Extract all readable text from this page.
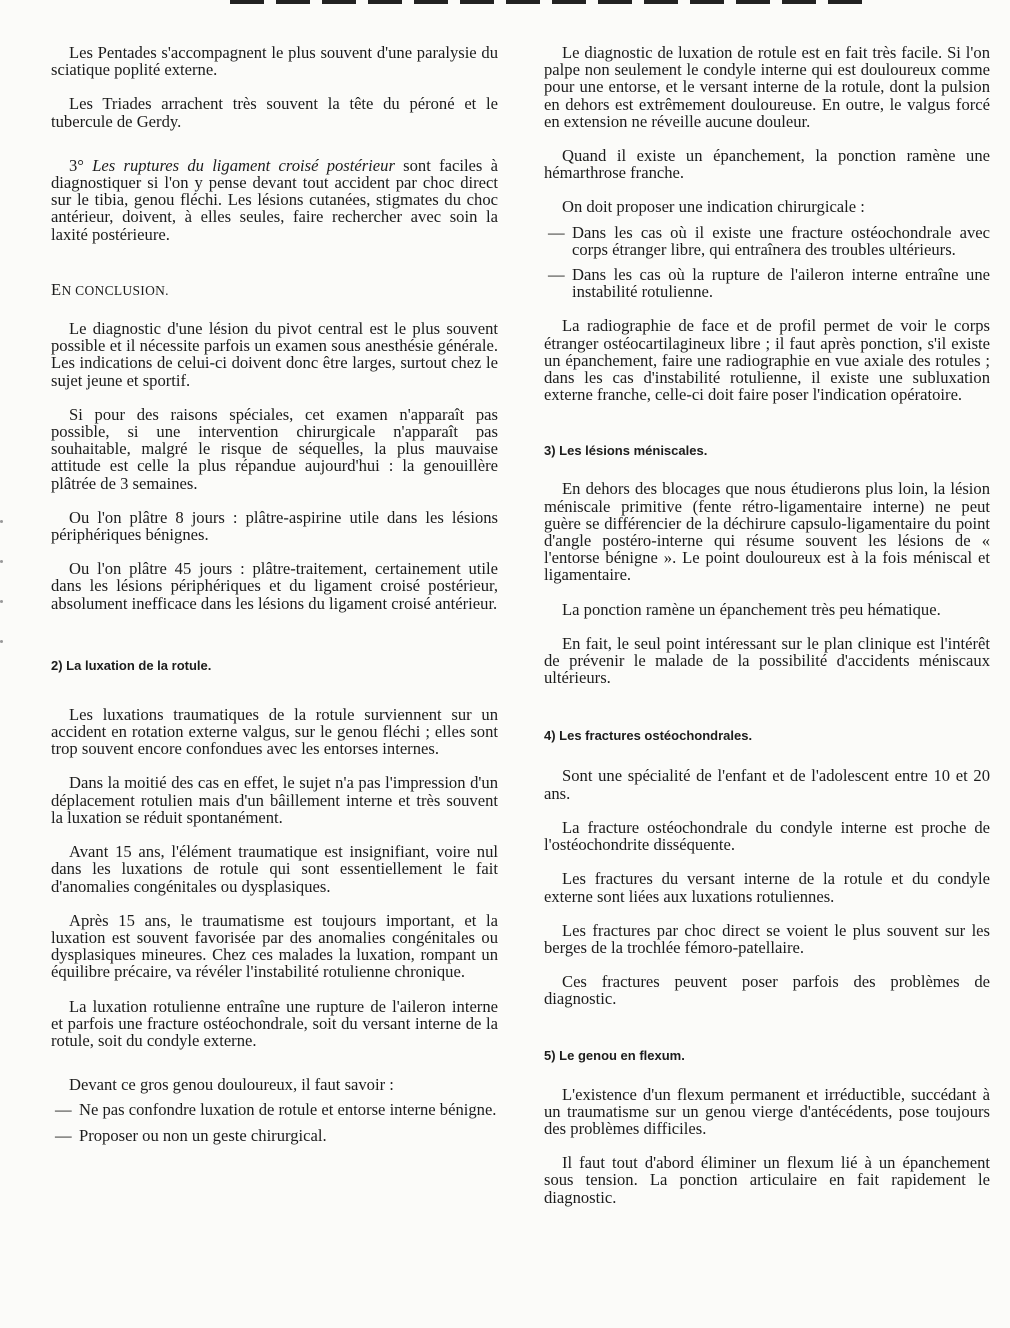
Les Pentades s'accompagnent le plus souvent d'une paralysie du sciatique poplité externe.

Les Triades arrachent très souvent la tête du péroné et le tubercule de Gerdy.

3° Les ruptures du ligament croisé postérieur sont faciles à diagnostiquer si l'on y pense devant tout accident par choc direct sur le tibia, genou fléchi. Les lésions cutanées, stigmates du choc antérieur, doivent, à elles seules, faire rechercher avec soin la laxité postérieure.

EN CONCLUSION.

Le diagnostic d'une lésion du pivot central est le plus souvent possible et il nécessite parfois un examen sous anesthésie générale. Les indications de celui-ci doivent donc être larges, surtout chez le sujet jeune et sportif.

Si pour des raisons spéciales, cet examen n'apparaît pas possible, si une intervention chirurgicale n'apparaît pas souhaitable, malgré le risque de séquelles, la plus mauvaise attitude est celle la plus répandue aujourd'hui : la genouillère plâtrée de 3 semaines.

Ou l'on plâtre 8 jours : plâtre-aspirine utile dans les lésions périphériques bénignes.

Ou l'on plâtre 45 jours : plâtre-traitement, certainement utile dans les lésions périphériques et du ligament croisé postérieur, absolument inefficace dans les lésions du ligament croisé antérieur.

2) La luxation de la rotule.

Les luxations traumatiques de la rotule surviennent sur un accident en rotation externe valgus, sur le genou fléchi ; elles sont trop souvent encore confondues avec les entorses internes.

Dans la moitié des cas en effet, le sujet n'a pas l'impression d'un déplacement rotulien mais d'un bâillement interne et très souvent la luxation se réduit spontanément.

Avant 15 ans, l'élément traumatique est insignifiant, voire nul dans les luxations de rotule qui sont essentiellement le fait d'anomalies congénitales ou dysplasiques.

Après 15 ans, le traumatisme est toujours important, et la luxation est souvent favorisée par des anomalies congénitales ou dysplasiques mineures. Chez ces malades la luxation, rompant un équilibre précaire, va révéler l'instabilité rotulienne chronique.

La luxation rotulienne entraîne une rupture de l'aileron interne et parfois une fracture ostéochondrale, soit du versant interne de la rotule, soit du condyle externe.

Devant ce gros genou douloureux, il faut savoir :

— Ne pas confondre luxation de rotule et entorse interne bénigne.

— Proposer ou non un geste chirurgical.

Le diagnostic de luxation de rotule est en fait très facile. Si l'on palpe non seulement le condyle interne qui est douloureux comme pour une entorse, et le versant interne de la rotule, dont la pulsion en dehors est extrêmement douloureuse. En outre, le valgus forcé en extension ne réveille aucune douleur.

Quand il existe un épanchement, la ponction ramène une hémarthrose franche.

On doit proposer une indication chirurgicale :

— Dans les cas où il existe une fracture ostéochondrale avec corps étranger libre, qui entraînera des troubles ultérieurs.

— Dans les cas où la rupture de l'aileron interne entraîne une instabilité rotulienne.

La radiographie de face et de profil permet de voir le corps étranger ostéocartilagineux libre ; il faut après ponction, s'il existe un épanchement, faire une radiographie en vue axiale des rotules ; dans les cas d'instabilité rotulienne, il existe une subluxation externe franche, celle-ci doit faire poser l'indication opératoire.

3) Les lésions méniscales.

En dehors des blocages que nous étudierons plus loin, la lésion méniscale primitive (fente rétro-ligamentaire interne) ne peut guère se différencier de la déchirure capsulo-ligamentaire du point d'angle postéro-interne qui résume souvent les lésions de « l'entorse bénigne ». Le point douloureux est à la fois méniscal et ligamentaire.

La ponction ramène un épanchement très peu hématique.

En fait, le seul point intéressant sur le plan clinique est l'intérêt de prévenir le malade de la possibilité d'accidents méniscaux ultérieurs.

4) Les fractures ostéochondrales.

Sont une spécialité de l'enfant et de l'adolescent entre 10 et 20 ans.

La fracture ostéochondrale du condyle interne est proche de l'ostéochondrite disséquente.

Les fractures du versant interne de la rotule et du condyle externe sont liées aux luxations rotuliennes.

Les fractures par choc direct se voient le plus souvent sur les berges de la trochlée fémoro-patellaire.

Ces fractures peuvent poser parfois des problèmes de diagnostic.

5) Le genou en flexum.

L'existence d'un flexum permanent et irréductible, succédant à un traumatisme sur un genou vierge d'antécédents, pose toujours des problèmes difficiles.

Il faut tout d'abord éliminer un flexum lié à un épanchement sous tension. La ponction articulaire en fait rapidement le diagnostic.
